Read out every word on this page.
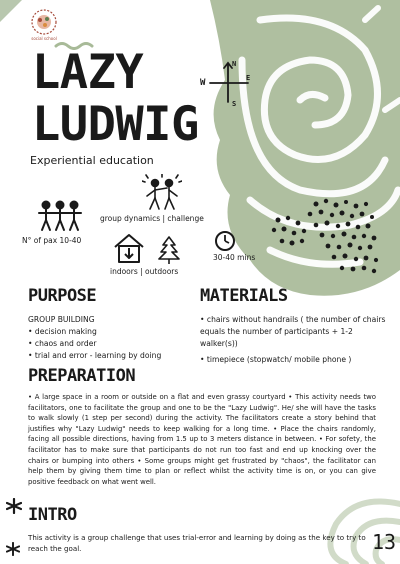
social school
W
N
S
E
LAZY
LUDWIG
Experiential education
N° of pax 10-40
group dynamics | challenge
indoors | outdoors
30-40 mins
PURPOSE
GROUP BUILDING
• decision making
• chaos and order
• trial and error - learning by doing
MATERIALS
• chairs without handrails ( the number of chairs equals the number of participants + 1-2 walker(s))
• timepiece (stopwatch/ mobile phone )
PREPARATION
• A large space in a room or outside on a flat and even grassy courtyard • This activity needs two facilitators, one to facilitate the group and one to be the "Lazy Ludwig". He/ she will have the tasks to walk slowly (1 step per second) during the activity. The facilitators create a story behind that justifies why "Lazy Ludwig" needs to keep walking for a long time. • Place the chairs randomly, facing all possible directions, having from 1.5 up to 3 meters distance in between. • For sofety, the facilitator has to make sure that participants do not run too fast and end up knocking over the chairs or bumping into others • Some groups might get frustrated by "chaos", the facilitator can help them by giving them time to plan or reflect whilst the activity time is on, or you can give positive feedback on what went well.
INTRO
This activity is a group challenge that uses trial-error and learning by doing as the key to try to reach the goal.	13
